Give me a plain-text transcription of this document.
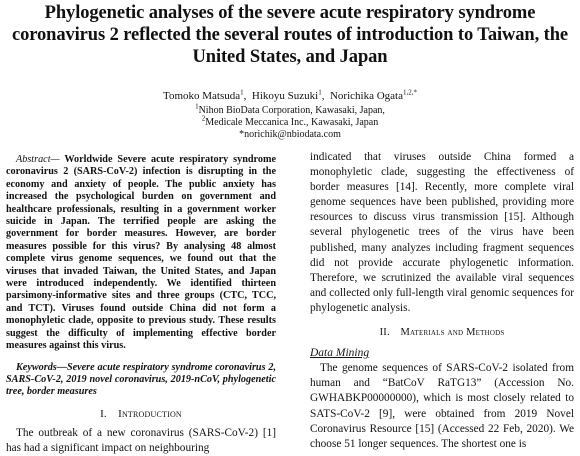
Phylogenetic analyses of the severe acute respiratory syndrome coronavirus 2 reflected the several routes of introduction to Taiwan, the United States, and Japan
Tomoko Matsuda$^1$,  Hikoyu Suzuki$^1$,  Norichika Ogata$^{1,2,*}$
$^1$Nihon BioData Corporation, Kawasaki, Japan,
$^2$Medicale Meccanica Inc., Kawasaki, Japan
*norichik@nbiodata.com

Abstract— Worldwide Severe acute respiratory syndrome coronavirus 2 (SARS-CoV-2) infection is disrupting in the economy and anxiety of people. The public anxiety has increased the psychological burden on government and healthcare professionals, resulting in a government worker suicide in Japan. The terrified people are asking the government for border measures. However, are border measures possible for this virus? By analysing 48 almost complete virus genome sequences, we found out that the viruses that invaded Taiwan, the United States, and Japan were introduced independently. We identified thirteen parsimony-informative sites and three groups (CTC, TCC, and TCT). Viruses found outside China did not form a monophyletic clade, opposite to previous study. These results suggest the difficulty of implementing effective border measures against this virus.

Keywords—Severe acute respiratory syndrome coronavirus 2, SARS-CoV-2, 2019 novel coronavirus, 2019-nCoV, phylogenetic tree, border measures

I. Introduction

The outbreak of a new coronavirus (SARS-CoV-2) [1] has had a significant impact on neighbouring

indicated that viruses outside China formed a monophyletic clade, suggesting the effectiveness of border measures [14]. Recently, more complete viral genome sequences have been published, providing more resources to discuss virus transmission [15]. Although several phylogenetic trees of the virus have been published, many analyzes including fragment sequences did not provide accurate phylogenetic information. Therefore, we scrutinized the available viral sequences and collected only full-length viral genomic sequences for phylogenetic analysis.

II. Materials and Methods
Data Mining

The genome sequences of SARS-CoV-2 isolated from human and “BatCoV RaTG13” (Accession No. GWHABKP00000000), which is most closely related to SATS-CoV-2 [9], were obtained from 2019 Novel Coronavirus Resource [15] (Accessed 22 Feb, 2020). We choose 51 longer sequences. The shortest one is
